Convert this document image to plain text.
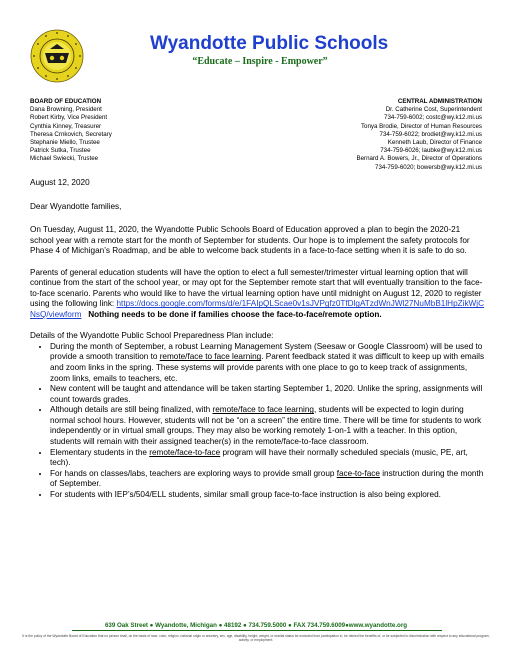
Wyandotte Public Schools
“Educate – Inspire - Empower”
BOARD OF EDUCATION
Dana Browning, President
Robert Kirby, Vice President
Cynthia Kinney, Treasurer
Theresa Crnkovich, Secretary
Stephanie Miello, Trustee
Patrick Sutka, Trustee
Michael Swiecki, Trustee
CENTRAL ADMINISTRATION
Dr. Catherine Cost, Superintendent
734-759-6002; costc@wy.k12.mi.us
Tonya Brodie, Director of Human Resources
734-759-6022; brodiet@wy.k12.mi.us
Kenneth Laub, Director of Finance
734-759-6026; laubke@wy.k12.mi.us
Bernard A. Bowers, Jr., Director of Operations
734-759-6020; bowersb@wy.k12.mi.us
August 12, 2020
Dear Wyandotte families,

On Tuesday, August 11, 2020, the Wyandotte Public Schools Board of Education approved a plan to begin the 2020-21 school year with a remote start for the month of September for students. Our hope is to implement the safety protocols for Phase 4 of Michigan’s Roadmap, and be able to welcome back students in a face-to-face setting when it is safe to do so.

Parents of general education students will have the option to elect a full semester/trimester virtual learning option that will continue from the start of the school year, or may opt for the September remote start that will eventually transition to the face-to-face scenario. Parents who would like to have the virtual learning option have until midnight on August 12, 2020 to register using the following link: https://docs.google.com/forms/d/e/1FAIpQLScae0v1sJVPgfz0TfDlgATzdWnJWl27NuMbB1lHpZikWjCNsQ/viewform Nothing needs to be done if families choose the face-to-face/remote option.

Details of the Wyandotte Public School Preparedness Plan include:
• During the month of September, a robust Learning Management System (Seesaw or Google Classroom) will be used to provide a smooth transition to remote/face to face learning. Parent feedback stated it was difficult to keep up with emails and zoom links in the spring. These systems will provide parents with one place to go to keep track of assignments, zoom links, emails to teachers, etc.
• New content will be taught and attendance will be taken starting September 1, 2020. Unlike the spring, assignments will count towards grades.
• Although details are still being finalized, with remote/face to face learning, students will be expected to login during normal school hours. However, students will not be “on a screen” the entire time. There will be time for students to work independently or in virtual small groups. They may also be working remotely 1-on-1 with a teacher. In this option, students will remain with their assigned teacher(s) in the remote/face-to-face classroom.
• Elementary students in the remote/face-to-face program will have their normally scheduled specials (music, PE, art, tech).
• For hands on classes/labs, teachers are exploring ways to provide small group face-to-face instruction during the month of September.
• For students with IEP’s/504/ELL students, similar small group face-to-face instruction is also being explored.
639 Oak Street ● Wyandotte, Michigan ● 48192 ● 734.759.5000 ● FAX 734.759.6009●www.wyandotte.org
It is the policy of the Wyandotte Board of Education that no person shall, on the basis of race, color, religion, national origin or ancestry, sex, age, disability, height, weight, or marital status be excluded from participation in, be denied the benefits of, or be subjected to discrimination with respect to any educational program, activity, or employment.
